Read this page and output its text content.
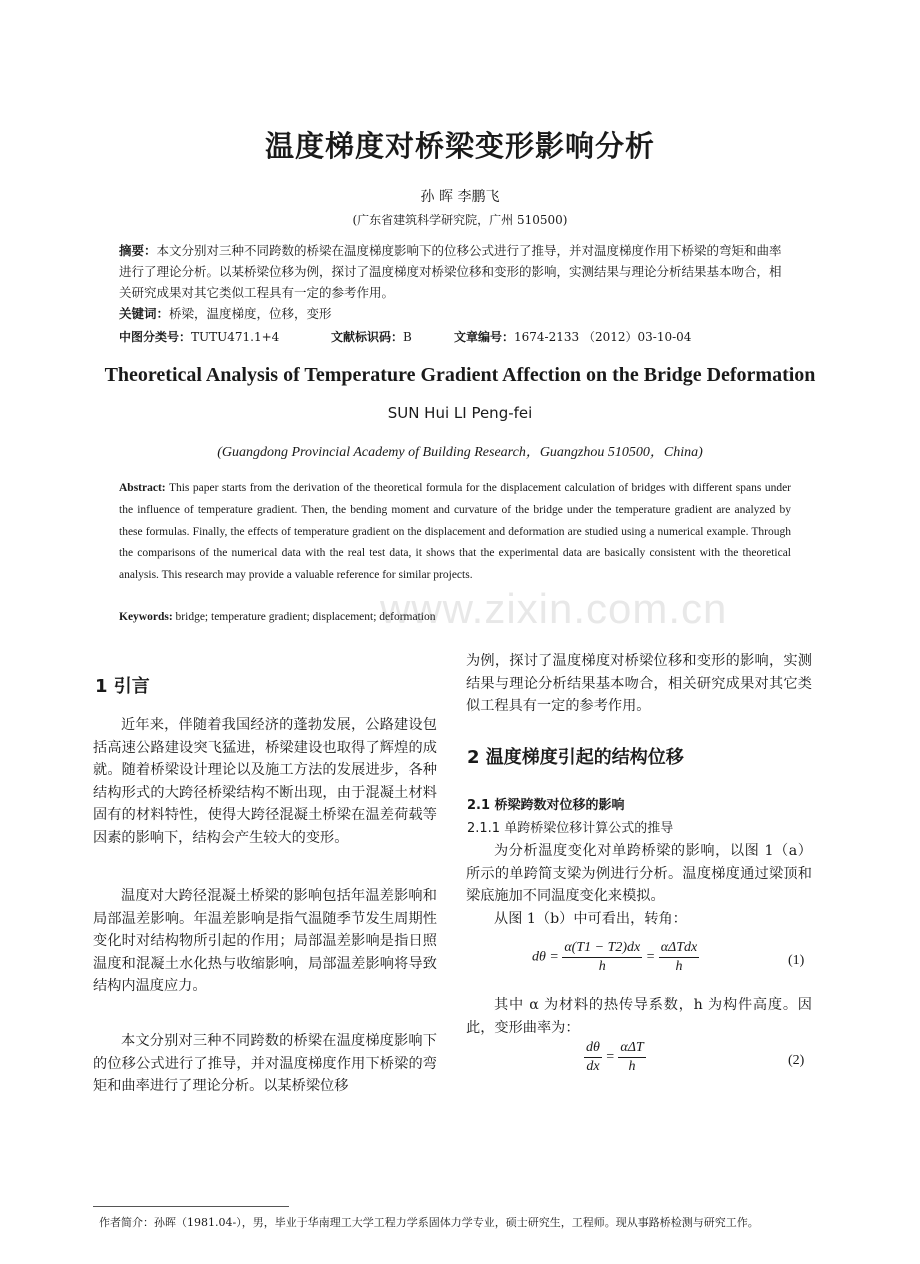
www.zixin.com.cn
温度梯度对桥梁变形影响分析
孙 晖 李鹏飞
(广东省建筑科学研究院，广州 510500)
摘要：本文分别对三种不同跨数的桥梁在温度梯度影响下的位移公式进行了推导，并对温度梯度作用下桥梁的弯矩和曲率进行了理论分析。以某桥梁位移为例，探讨了温度梯度对桥梁位移和变形的影响，实测结果与理论分析结果基本吻合，相关研究成果对其它类似工程具有一定的参考作用。
关键词：桥梁，温度梯度，位移，变形
中图分类号：TUTU471.1+4	文献标识码：B	文章编号：1674-2133 （2012）03-10-04
Theoretical Analysis of Temperature Gradient Affection on the Bridge Deformation
SUN Hui LI Peng-fei
(Guangdong Provincial Academy of Building Research，Guangzhou 510500，China)
Abstract: This paper starts from the derivation of the theoretical formula for the displacement calculation of bridges with different spans under the influence of temperature gradient. Then, the bending moment and curvature of the bridge under the temperature gradient are analyzed by these formulas. Finally, the effects of temperature gradient on the displacement and deformation are studied using a numerical example. Through the comparisons of the numerical data with the real test data, it shows that the experimental data are basically consistent with the theoretical analysis. This research may provide a valuable reference for similar projects.
Keywords: bridge; temperature gradient; displacement; deformation
1 引言
近年来，伴随着我国经济的蓬勃发展，公路建设包括高速公路建设突飞猛进，桥梁建设也取得了辉煌的成就。随着桥梁设计理论以及施工方法的发展进步，各种结构形式的大跨径桥梁结构不断出现，由于混凝土材料固有的材料特性，使得大跨径混凝土桥梁在温差荷载等因素的影响下，结构会产生较大的变形。
温度对大跨径混凝土桥梁的影响包括年温差影响和局部温差影响。年温差影响是指气温随季节发生周期性变化时对结构物所引起的作用；局部温差影响是指日照温度和混凝土水化热与收缩影响，局部温差影响将导致结构内温度应力。
本文分别对三种不同跨数的桥梁在温度梯度影响下的位移公式进行了推导，并对温度梯度作用下桥梁的弯矩和曲率进行了理论分析。以某桥梁位移
为例，探讨了温度梯度对桥梁位移和变形的影响，实测结果与理论分析结果基本吻合，相关研究成果对其它类似工程具有一定的参考作用。
2 温度梯度引起的结构位移
2.1 桥梁跨数对位移的影响
2.1.1 单跨桥梁位移计算公式的推导
为分析温度变化对单跨桥梁的影响，以图 1（a）所示的单跨简支梁为例进行分析。温度梯度通过梁顶和梁底施加不同温度变化来模拟。
从图 1（b）中可看出，转角：
$d\theta = \frac{\alpha(T1 - T2)dx}{h} = \frac{\text{αΔTdx}}{h}$	(1)
其中 α 为材料的热传导系数，h 为构件高度。因此，变形曲率为：
$\frac{d\theta}{dx} = \frac{\text{αΔT}}{h}$	(2)
作者简介：孙晖（1981.04-），男，毕业于华南理工大学工程力学系固体力学专业，硕士研究生，工程师。现从事路桥检测与研究工作。
